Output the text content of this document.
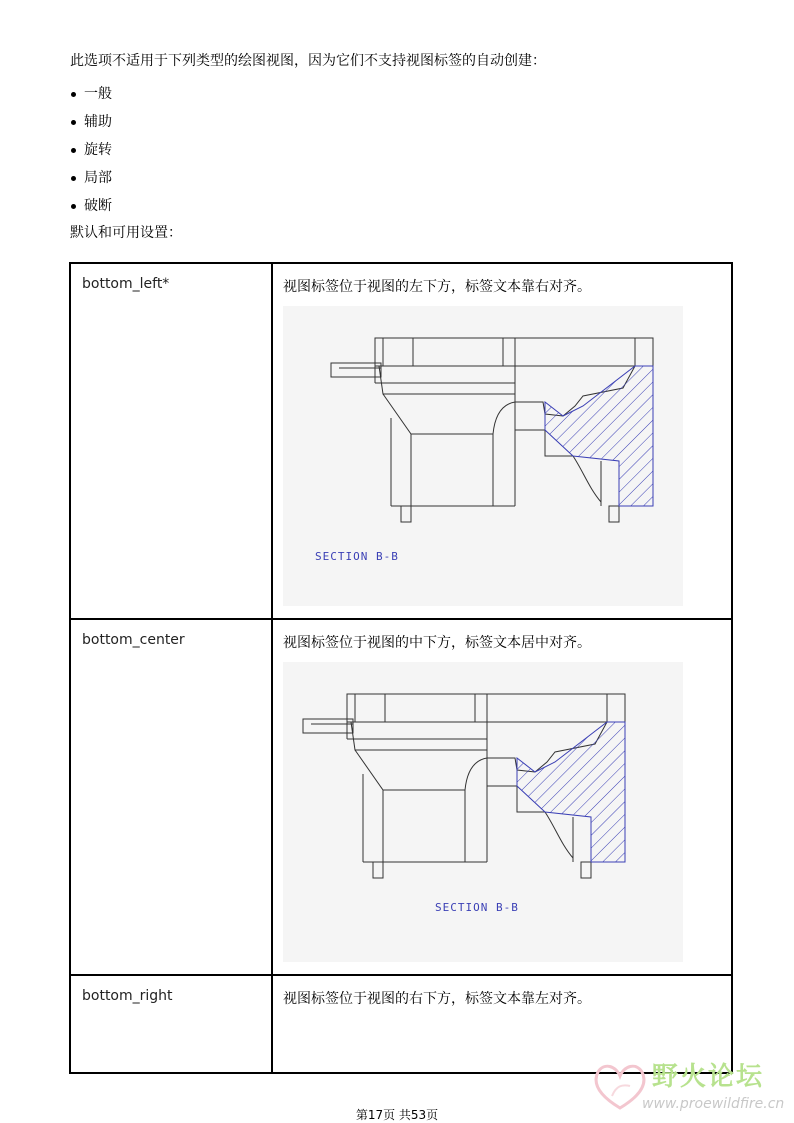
此选项不适用于下列类型的绘图视图，因为它们不支持视图标签的自动创建：
一般
辅助
旋转
局部
破断
默认和可用设置：
bottom_left*	视图标签位于视图的左下方，标签文本靠右对齐。
SECTION B-B

bottom_center	视图标签位于视图的中下方，标签文本居中对齐。
SECTION B-B

bottom_right	视图标签位于视图的右下方，标签文本靠左对齐。
野火论坛
www.proewildfire.cn
第17页 共53页
